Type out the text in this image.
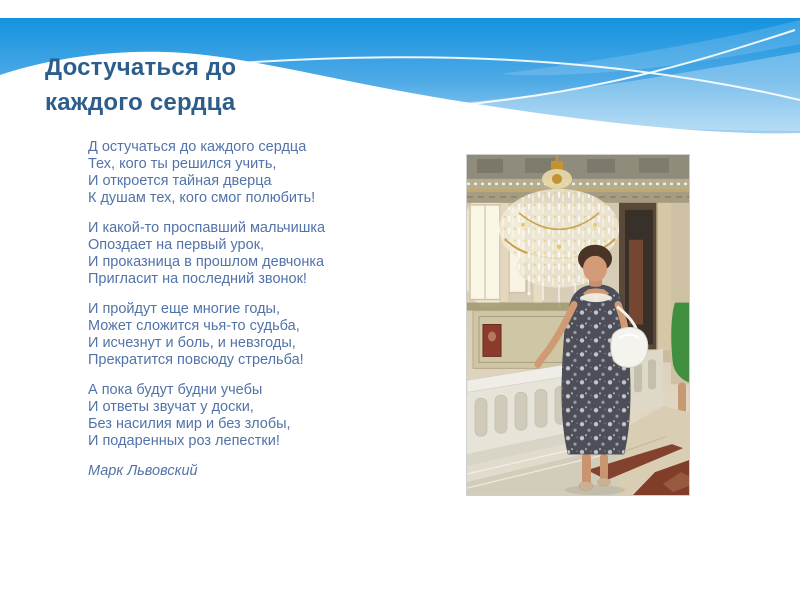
Достучаться до
каждого сердца

Д остучаться до каждого сердца
Тех, кого ты решился учить,
И откроется тайная дверца
К душам тех, кого смог полюбить!

И какой-то проспавший мальчишка
Опоздает на первый урок,
И проказница в прошлом девчонка
Пригласит на последний звонок!

И пройдут еще многие годы,
Может сложится чья-то судьба,
И исчезнут и боль, и невзгоды,
Прекратится повсюду стрельба!

А пока будут будни учебы
И ответы звучат у доски,
Без насилия мир и без злобы,
И подаренных роз лепестки!

Марк Львовский
